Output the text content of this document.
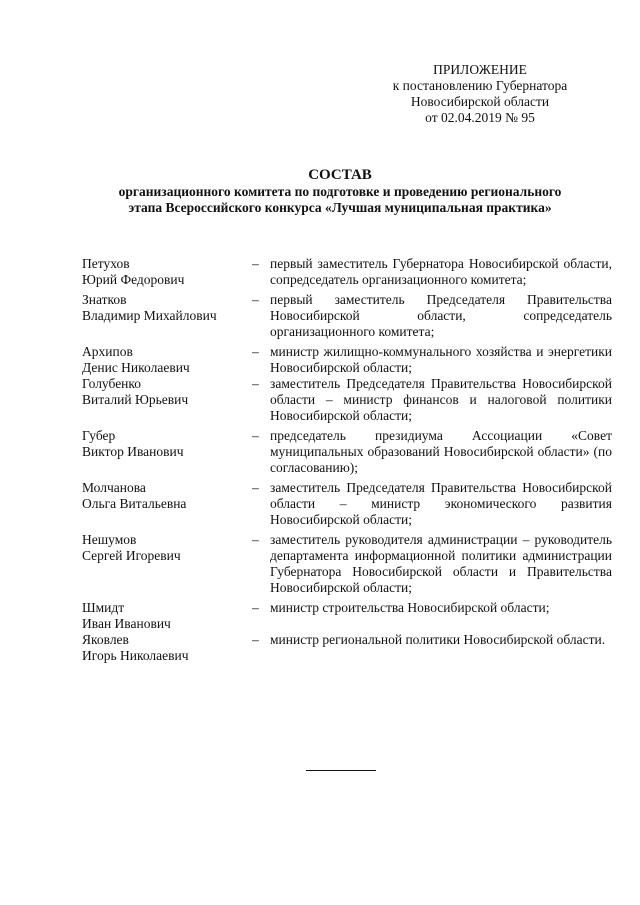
ПРИЛОЖЕНИЕ
к постановлению Губернатора
Новосибирской области
от 02.04.2019 № 95
СОСТАВ
организационного комитета по подготовке и проведению регионального
этапа Всероссийского конкурса «Лучшая муниципальная практика»
Петухов
Юрий Федорович
– первый заместитель Губернатора Новосибирской области, сопредседатель организационного комитета;
Знатков
Владимир Михайлович
– первый заместитель Председателя Правительства Новосибирской области, сопредседатель организационного комитета;
Архипов
Денис Николаевич
– министр жилищно-коммунального хозяйства и энергетики Новосибирской области;
Голубенко
Виталий Юрьевич
– заместитель Председателя Правительства Новосибирской области – министр финансов и налоговой политики Новосибирской области;
Губер
Виктор Иванович
– председатель президиума Ассоциации «Совет муниципальных образований Новосибирской области» (по согласованию);
Молчанова
Ольга Витальевна
– заместитель Председателя Правительства Новосибирской области – министр экономического развития Новосибирской области;
Нешумов
Сергей Игоревич
– заместитель руководителя администрации – руководитель департамента информационной политики администрации Губернатора Новосибирской области и Правительства Новосибирской области;
Шмидт
Иван Иванович
– министр строительства Новосибирской области;
Яковлев
Игорь Николаевич
– министр региональной политики Новосибирской области.
